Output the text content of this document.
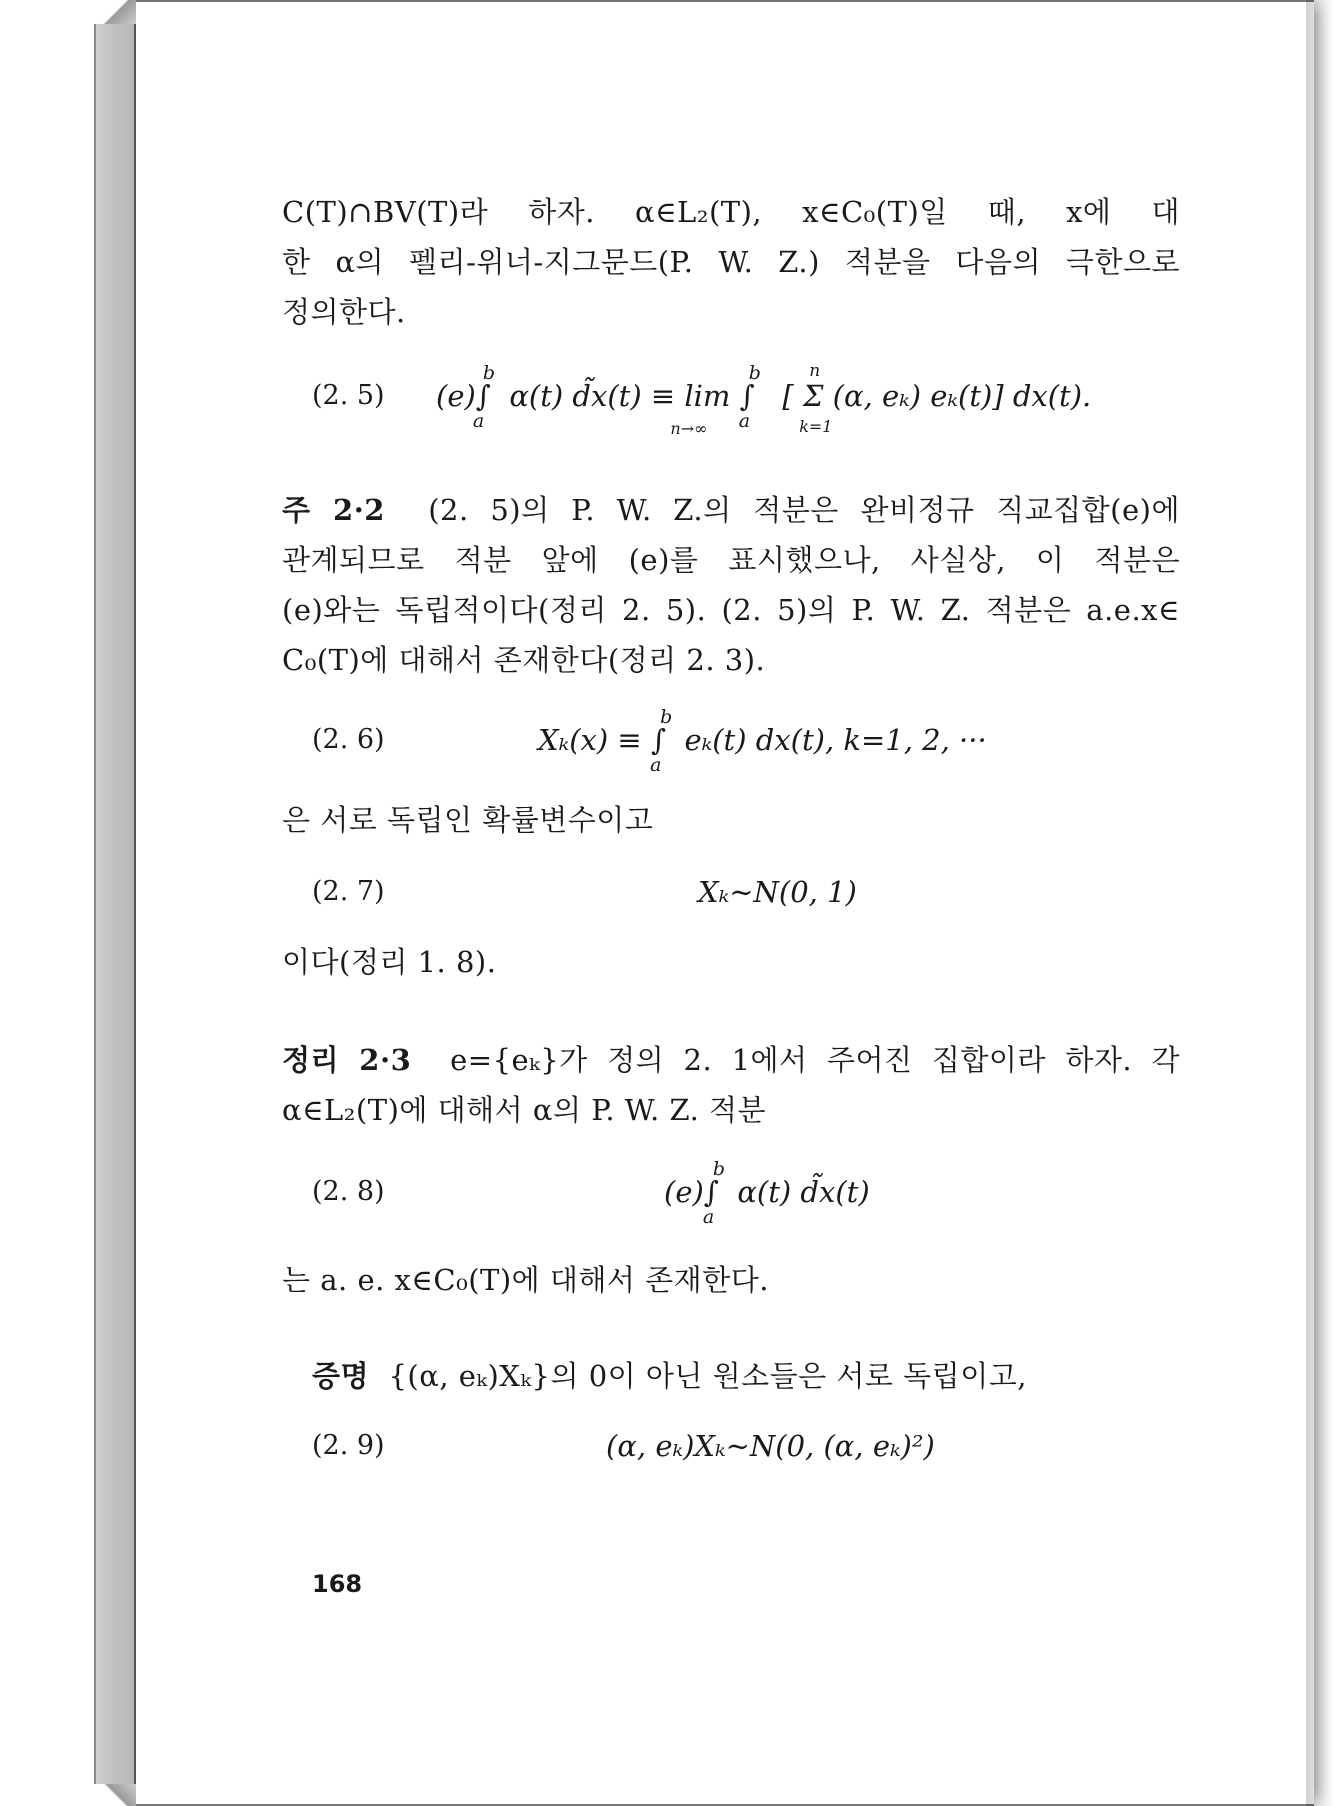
C(T)∩BV(T)라 하자. α∈L₂(T), x∈C₀(T)일 때, x에 대
한 α의 펠리-위너-지그문드(P. W. Z.) 적분을 다음의 극한으로
정의한다.
(2. 5) (e)∫
b
a
α(t) d̃x(t) ≡ lim
n→∞
∫
b
a

n
k=1
[ Σ (α, eₖ) eₖ(t)] dx(t).
주 2·2 (2. 5)의 P. W. Z.의 적분은 완비정규 직교집합(e)에
관계되므로 적분 앞에 (e)를 표시했으나, 사실상, 이 적분은
(e)와는 독립적이다(정리 2. 5). (2. 5)의 P. W. Z. 적분은 a.e.x∈
C₀(T)에 대해서 존재한다(정리 2. 3).
(2. 6)	Xₖ(x) ≡ ∫
b
a
eₖ(t) dx(t), k=1, 2, ···
은 서로 독립인 확률변수이고
(2. 7)	Xₖ∼N(0, 1)
이다(정리 1. 8).
정리 2·3 e={eₖ}가 정의 2. 1에서 주어진 집합이라 하자. 각
α∈L₂(T)에 대해서 α의 P. W. Z. 적분
(2. 8)	(e)∫
b
a
α(t) d̃x(t)
는 a. e. x∈C₀(T)에 대해서 존재한다.
증명 {(α, eₖ)Xₖ}의 0이 아닌 원소들은 서로 독립이고,
(2. 9)	(α, eₖ)Xₖ∼N(0, (α, eₖ)²)
168
